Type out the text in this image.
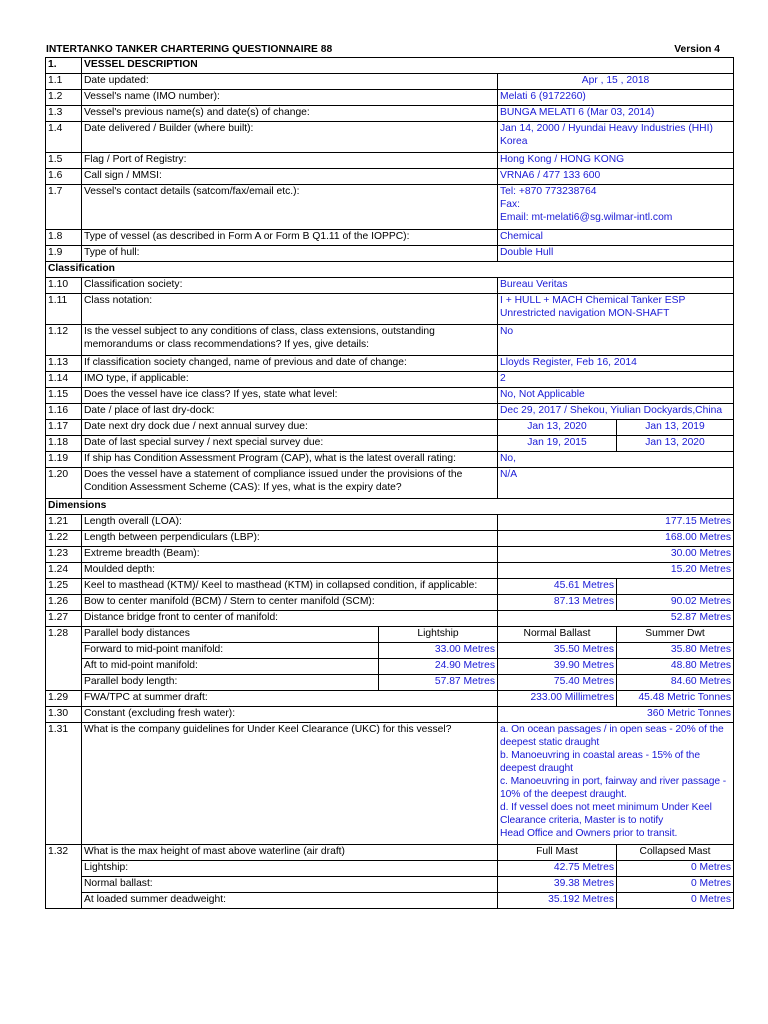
INTERTANKO TANKER CHARTERING QUESTIONNAIRE 88	Version 4
1.	VESSEL DESCRIPTION			
1.1	Date updated:		Apr , 15 , 2018	
1.2	Vessel's name (IMO number):		Melati 6 (9172260)	
1.3	Vessel's previous name(s) and date(s) of change:		BUNGA MELATI 6 (Mar 03, 2014)	
1.4	Date delivered / Builder (where built):		Jan 14, 2000 / Hyundai Heavy Industries (HHI)
Korea	
1.5	Flag / Port of Registry:		Hong Kong / HONG KONG	
1.6	Call sign / MMSI:		VRNA6 / 477 133 600	
1.7	Vessel's contact details (satcom/fax/email etc.):		Tel: +870 773238764
Fax:
Email: mt-melati6@sg.wilmar-intl.com	
1.8	Type of vessel (as described in Form A or Form B Q1.11 of the IOPPC):		Chemical	
1.9	Type of hull:		Double Hull	
Classification				
1.10	Classification society:		Bureau Veritas	
1.11	Class notation:		I + HULL + MACH Chemical Tanker ESP
Unrestricted navigation MON-SHAFT	
1.12	Is the vessel subject to any conditions of class, class extensions, outstanding memorandums or class recommendations? If yes, give details:		No	
1.13	If classification society changed, name of previous and date of change:		Lloyds Register, Feb 16, 2014	
1.14	IMO type, if applicable:		2	
1.15	Does the vessel have ice class? If yes, state what level:		No, Not Applicable	
1.16	Date / place of last dry-dock:		Dec 29, 2017 / Shekou, Yiulian Dockyards,China	
1.17	Date next dry dock due / next annual survey due:		Jan 13, 2020	Jan 13, 2019
1.18	Date of last special survey / next special survey due:		Jan 19, 2015	Jan 13, 2020
1.19	If ship has Condition Assessment Program (CAP), what is the latest overall rating:		No,	
1.20	Does the vessel have a statement of compliance issued under the provisions of the Condition Assessment Scheme (CAS): If yes, what is the expiry date?		N/A	
Dimensions				
1.21	Length overall (LOA):		177.15 Metres	
1.22	Length between perpendiculars (LBP):		168.00 Metres	
1.23	Extreme breadth (Beam):		30.00 Metres	
1.24	Moulded depth:		15.20 Metres	
1.25	Keel to masthead (KTM)/ Keel to masthead (KTM) in collapsed condition, if applicable:		45.61 Metres	
1.26	Bow to center manifold (BCM) / Stern to center manifold (SCM):		87.13 Metres	90.02 Metres
1.27	Distance bridge front to center of manifold:		52.87 Metres	
1.28	Parallel body distances	Lightship	Normal Ballast	Summer Dwt
	Forward to mid-point manifold:	33.00 Metres	35.50 Metres	35.80 Metres
	Aft to mid-point manifold:	24.90 Metres	39.90 Metres	48.80 Metres
	Parallel body length:	57.87 Metres	75.40 Metres	84.60 Metres
1.29	FWA/TPC at summer draft:		233.00 Millimetres	45.48 Metric Tonnes
1.30	Constant (excluding fresh water):		360 Metric Tonnes	
1.31	What is the company guidelines for Under Keel Clearance (UKC) for this vessel?		a. On ocean passages / in open seas - 20% of the deepest static draught
b. Manoeuvring in coastal areas - 15% of the deepest draught
c. Manoeuvring in port, fairway and river passage - 10% of the deepest draught.
d. If vessel does not meet minimum Under Keel Clearance criteria, Master is to notify
Head Office and Owners prior to transit.	
1.32	What is the max height of mast above waterline (air draft)		Full Mast	Collapsed Mast
	Lightship:		42.75 Metres	0 Metres
	Normal ballast:		39.38 Metres	0 Metres
	At loaded summer deadweight:		35.192 Metres	0 Metres
